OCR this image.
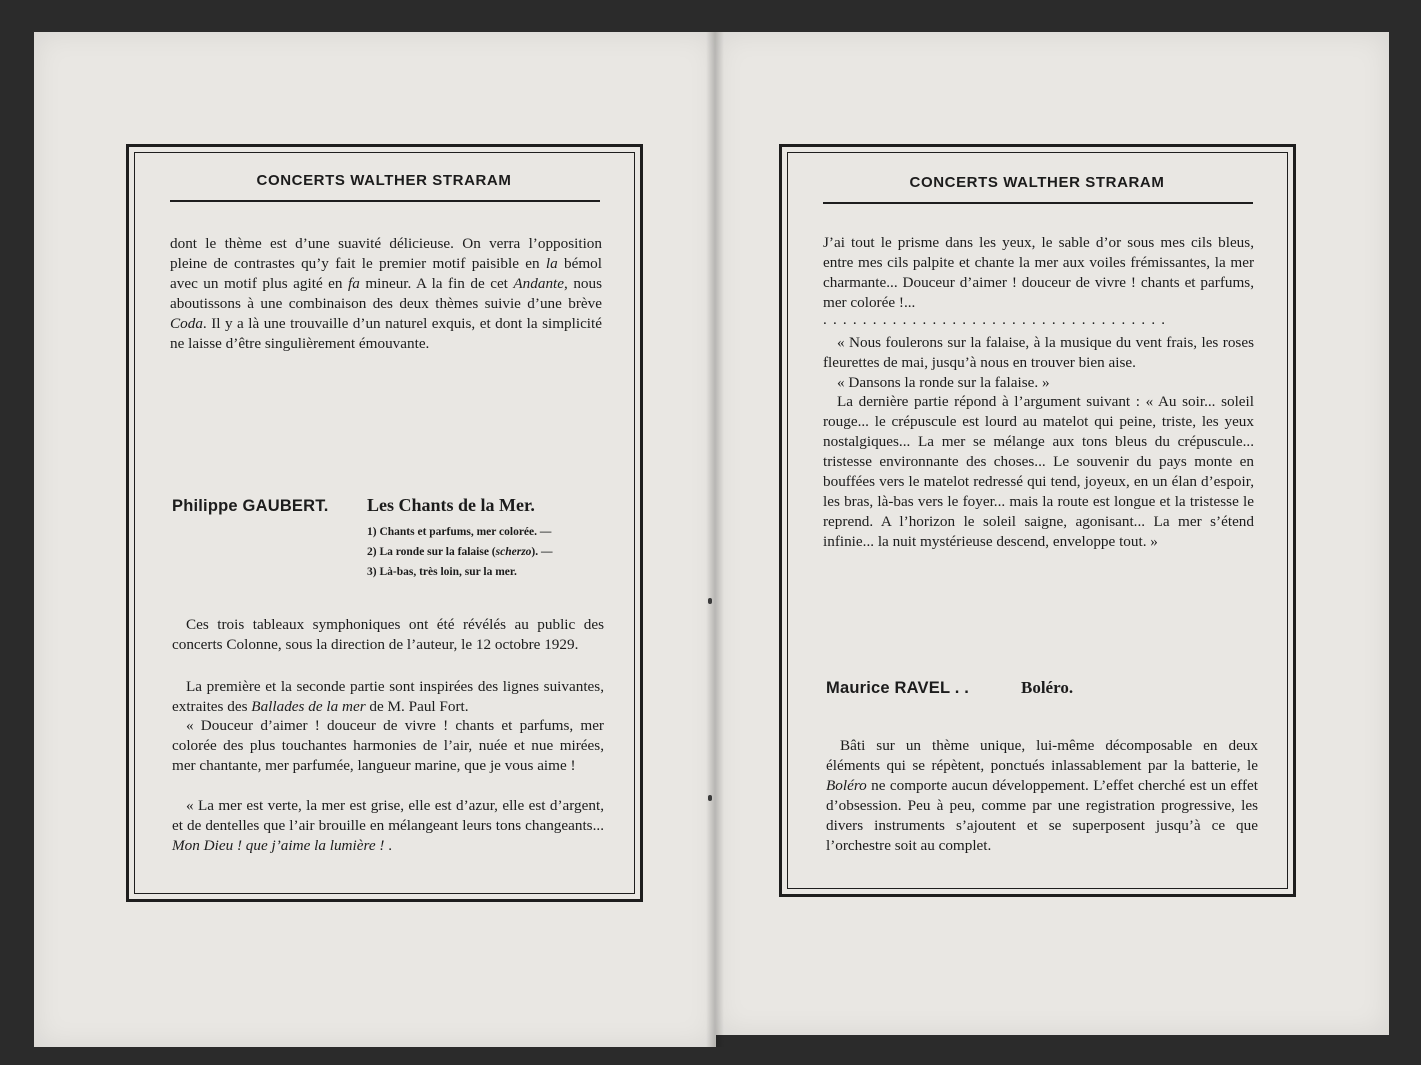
CONCERTS WALTHER STRARAM
dont le thème est d’une suavité délicieuse. On verra l’opposition pleine de contrastes qu’y fait le premier motif paisible en la bémol avec un motif plus agité en fa mineur. A la fin de cet Andante, nous aboutissons à une combinaison des deux thèmes suivie d’une brève Coda. Il y a là une trouvaille d’un naturel exquis, et dont la simplicité ne laisse d’être singulièrement émouvante.
Philippe GAUBERT. Les Chants de la Mer.
1) Chants et parfums, mer colorée. —
2) La ronde sur la falaise (scherzo). —
3) Là-bas, très loin, sur la mer.
Ces trois tableaux symphoniques ont été révélés au public des concerts Colonne, sous la direction de l’auteur, le 12 octobre 1929.
La première et la seconde partie sont inspirées des lignes suivantes, extraites des Ballades de la mer de M. Paul Fort.
« Douceur d’aimer ! douceur de vivre ! chants et parfums, mer colorée des plus touchantes harmonies de l’air, nuée et nue mirées, mer chantante, mer parfumée, langueur marine, que je vous aime !
« La mer est verte, la mer est grise, elle est d’azur, elle est d’argent, et de dentelles que l’air brouille en mélangeant leurs tons changeants... Mon Dieu ! que j’aime la lumière ! .
CONCERTS WALTHER STRARAM
J’ai tout le prisme dans les yeux, le sable d’or sous mes cils bleus, entre mes cils palpite et chante la mer aux voiles frémissantes, la mer charmante... Douceur d’aimer ! douceur de vivre ! chants et parfums, mer colorée !...
...................................
« Nous foulerons sur la falaise, à la musique du vent frais, les roses fleurettes de mai, jusqu’à nous en trouver bien aise.
« Dansons la ronde sur la falaise. »
La dernière partie répond à l’argument suivant : « Au soir... soleil rouge... le crépuscule est lourd au matelot qui peine, triste, les yeux nostalgiques... La mer se mélange aux tons bleus du crépuscule... tristesse environnante des choses... Le souvenir du pays monte en bouffées vers le matelot redressé qui tend, joyeux, en un élan d’espoir, les bras, là-bas vers le foyer... mais la route est longue et la tristesse le reprend. A l’horizon le soleil saigne, agonisant... La mer s’étend infinie... la nuit mystérieuse descend, enveloppe tout. »
Maurice RAVEL . .	Boléro.
Bâti sur un thème unique, lui-même décomposable en deux éléments qui se répètent, ponctués inlassablement par la batterie, le Boléro ne comporte aucun développement. L’effet cherché est un effet d’obsession. Peu à peu, comme par une registration progressive, les divers instruments s’ajoutent et se superposent jusqu’à ce que l’orchestre soit au complet.
